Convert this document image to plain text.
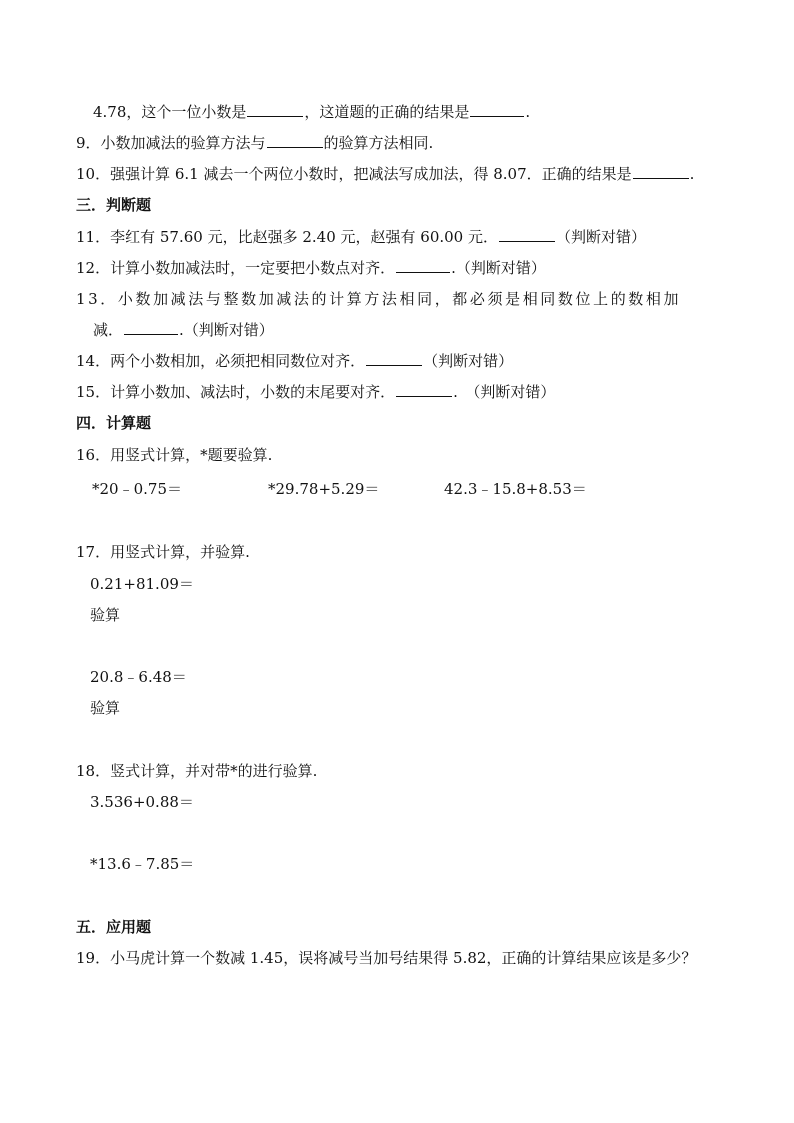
4.78，这个一位小数是	，这道题的正确的结果是	.
9．小数加减法的验算方法与	的验算方法相同.
10．强强计算 6.1 减去一个两位小数时，把减法写成加法，得 8.07．正确的结果是	.
三．判断题
11．李红有 57.60 元，比赵强多 2.40 元，赵强有 60.00 元．	（判断对错）
12．计算小数加减法时，一定要把小数点对齐．	.（判断对错）
13．小数加减法与整数加减法的计算方法相同，都必须是相同数位上的数相加
减．	.（判断对错）
14．两个小数相加，必须把相同数位对齐．	（判断对错）
15．计算小数加、减法时，小数的末尾要对齐．	.　（判断对错）
四．计算题
16．用竖式计算，*题要验算.
*20﹣0.75＝	*29.78+5.29＝	42.3﹣15.8+8.53＝
17．用竖式计算，并验算.
0.21+81.09＝
验算
20.8﹣6.48＝
验算
18．竖式计算，并对带*的进行验算.
3.536+0.88＝
*13.6﹣7.85＝
五．应用题
19．小马虎计算一个数减 1.45，误将减号当加号结果得 5.82，正确的计算结果应该是多少？
